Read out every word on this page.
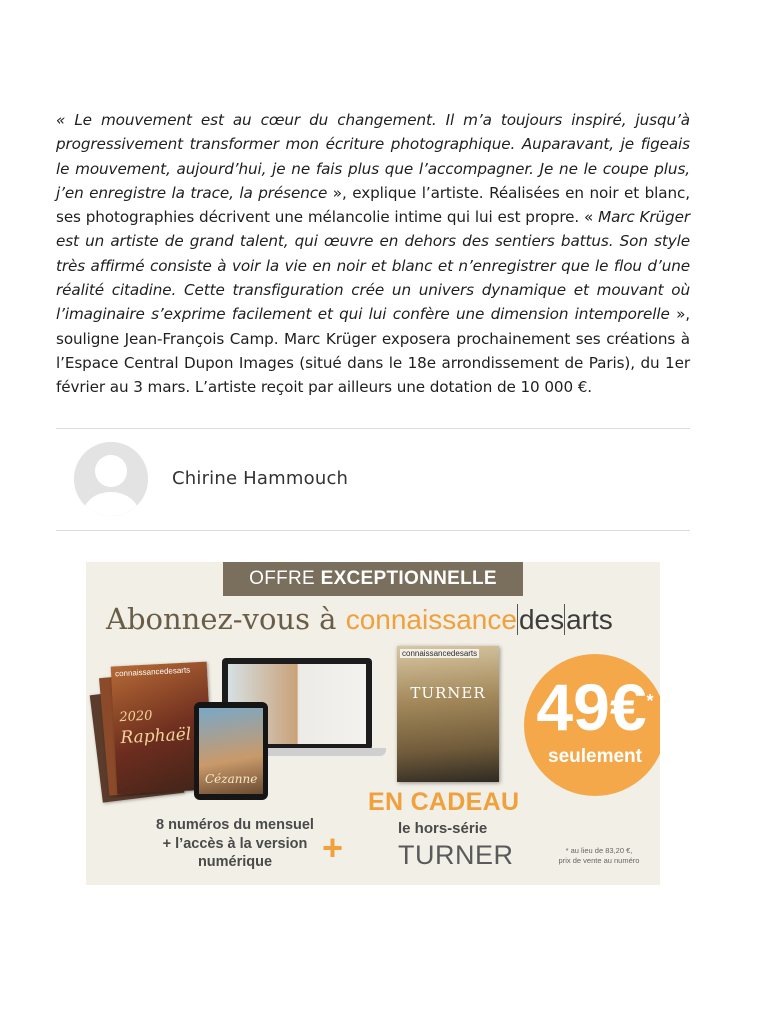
« Le mouvement est au cœur du changement. Il m’a toujours inspiré, jusqu’à progressivement transformer mon écriture photographique. Auparavant, je figeais le mouvement, aujourd’hui, je ne fais plus que l’accompagner. Je ne le coupe plus, j’en enregistre la trace, la présence », explique l’artiste. Réalisées en noir et blanc, ses photographies décrivent une mélancolie intime qui lui est propre. « Marc Krüger est un artiste de grand talent, qui œuvre en dehors des sentiers battus. Son style très affirmé consiste à voir la vie en noir et blanc et n’enregistrer que le flou d’une réalité citadine. Cette transfiguration crée un univers dynamique et mouvant où l’imaginaire s’exprime facilement et qui lui confère une dimension intemporelle », souligne Jean-François Camp. Marc Krüger exposera prochainement ses créations à l’Espace Central Dupon Images (situé dans le 18e arrondissement de Paris), du 1er février au 3 mars. L’artiste reçoit par ailleurs une dotation de 10 000 €.
Chirine Hammouch
OFFRE EXCEPTIONNELLE
Abonnez-vous à connaissancedesarts
connaissancedesarts
2020
Raphaël
Cézanne
connaissancedesarts
TURNER 49€*
seulement
EN CADEAU
le hors-série
TURNER
8 numéros du mensuel
+ l’accès à la version
numérique	+	* au lieu de 83,20 €,
prix de vente au numéro
